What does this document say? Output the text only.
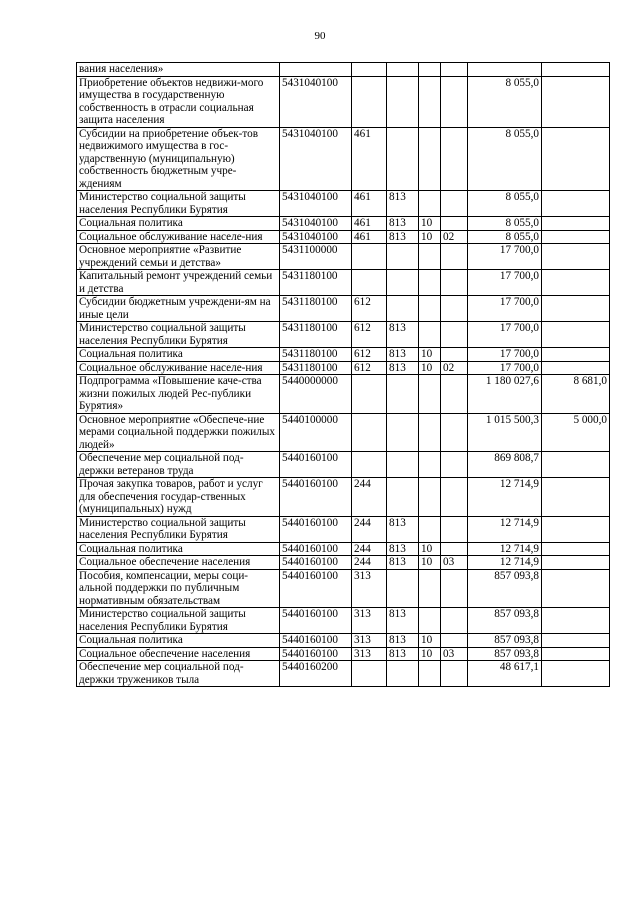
90
вания населения»							
Приобретение объектов недвижи-мого имущества в государственную собственность в отрасли социальная защита населения	5431040100					8 055,0	
Субсидии на приобретение объек-тов недвижимого имущества в гос-ударственную (муниципальную) собственность бюджетным учре-ждениям	5431040100	461				8 055,0	
Министерство социальной защиты населения Республики Бурятия	5431040100	461	813			8 055,0	
Социальная политика	5431040100	461	813	10		8 055,0	
Социальное обслуживание населе-ния	5431040100	461	813	10	02	8 055,0	
Основное мероприятие «Развитие учреждений семьи и детства»	5431100000					17 700,0	
Капитальный ремонт учреждений семьи и детства	5431180100					17 700,0	
Субсидии бюджетным учреждени-ям на иные цели	5431180100	612				17 700,0	
Министерство социальной защиты населения Республики Бурятия	5431180100	612	813			17 700,0	
Социальная политика	5431180100	612	813	10		17 700,0	
Социальное обслуживание населе-ния	5431180100	612	813	10	02	17 700,0	
Подпрограмма «Повышение каче-ства жизни пожилых людей Рес-публики Бурятия»	5440000000					1 180 027,6	8 681,0
Основное мероприятие «Обеспече-ние мерами социальной поддержки пожилых людей»	5440100000					1 015 500,3	5 000,0
Обеспечение мер социальной под-держки ветеранов труда	5440160100					869 808,7	
Прочая закупка товаров, работ и услуг для обеспечения государ-ственных (муниципальных) нужд	5440160100	244				12 714,9	
Министерство социальной защиты населения Республики Бурятия	5440160100	244	813			12 714,9	
Социальная политика	5440160100	244	813	10		12 714,9	
Социальное обеспечение населения	5440160100	244	813	10	03	12 714,9	
Пособия, компенсации, меры соци-альной поддержки по публичным нормативным обязательствам	5440160100	313				857 093,8	
Министерство социальной защиты населения Республики Бурятия	5440160100	313	813			857 093,8	
Социальная политика	5440160100	313	813	10		857 093,8	
Социальное обеспечение населения	5440160100	313	813	10	03	857 093,8	
Обеспечение мер социальной под-держки тружеников тыла	5440160200					48 617,1	
